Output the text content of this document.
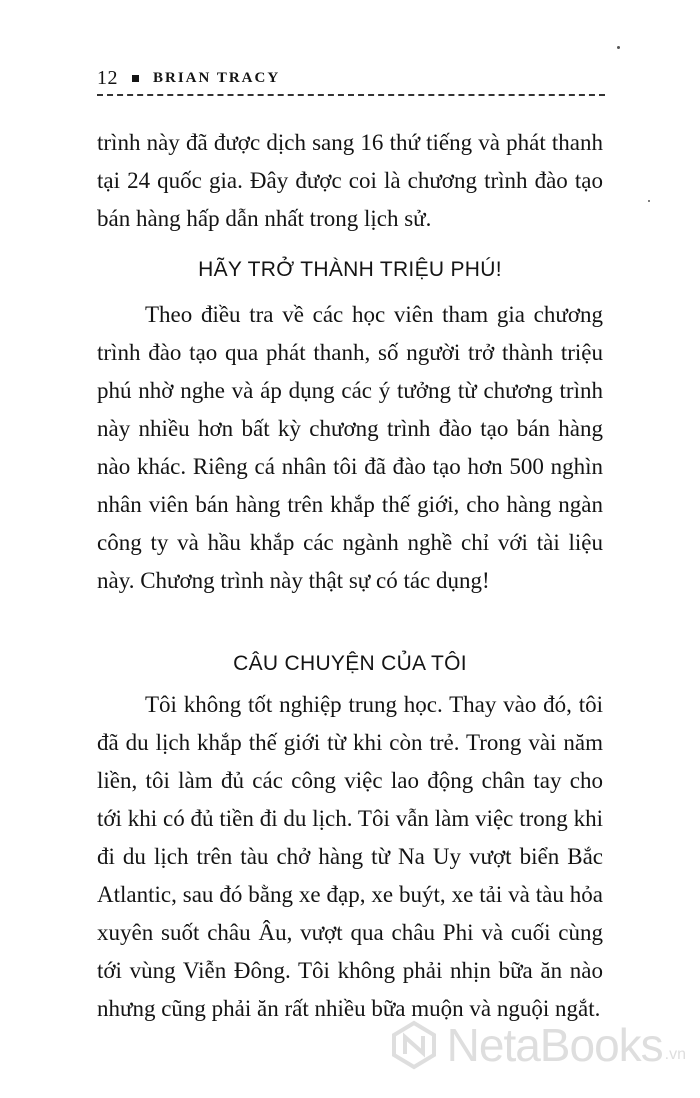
12 BRIAN TRACY

trình này đã được dịch sang 16 thứ tiếng và phát thanh tại 24 quốc gia. Đây được coi là chương trình đào tạo bán hàng hấp dẫn nhất trong lịch sử.

HÃY TRỞ THÀNH TRIỆU PHÚ!

Theo điều tra về các học viên tham gia chương trình đào tạo qua phát thanh, số người trở thành triệu phú nhờ nghe và áp dụng các ý tưởng từ chương trình này nhiều hơn bất kỳ chương trình đào tạo bán hàng nào khác. Riêng cá nhân tôi đã đào tạo hơn 500 nghìn nhân viên bán hàng trên khắp thế giới, cho hàng ngàn công ty và hầu khắp các ngành nghề chỉ với tài liệu này. Chương trình này thật sự có tác dụng!

CÂU CHUYỆN CỦA TÔI

Tôi không tốt nghiệp trung học. Thay vào đó, tôi đã du lịch khắp thế giới từ khi còn trẻ. Trong vài năm liền, tôi làm đủ các công việc lao động chân tay cho tới khi có đủ tiền đi du lịch. Tôi vẫn làm việc trong khi đi du lịch trên tàu chở hàng từ Na Uy vượt biển Bắc Atlantic, sau đó bằng xe đạp, xe buýt, xe tải và tàu hỏa xuyên suốt châu Âu, vượt qua châu Phi và cuối cùng tới vùng Viễn Đông. Tôi không phải nhịn bữa ăn nào nhưng cũng phải ăn rất nhiều bữa muộn và nguội ngắt.

NetaBooks .vn
